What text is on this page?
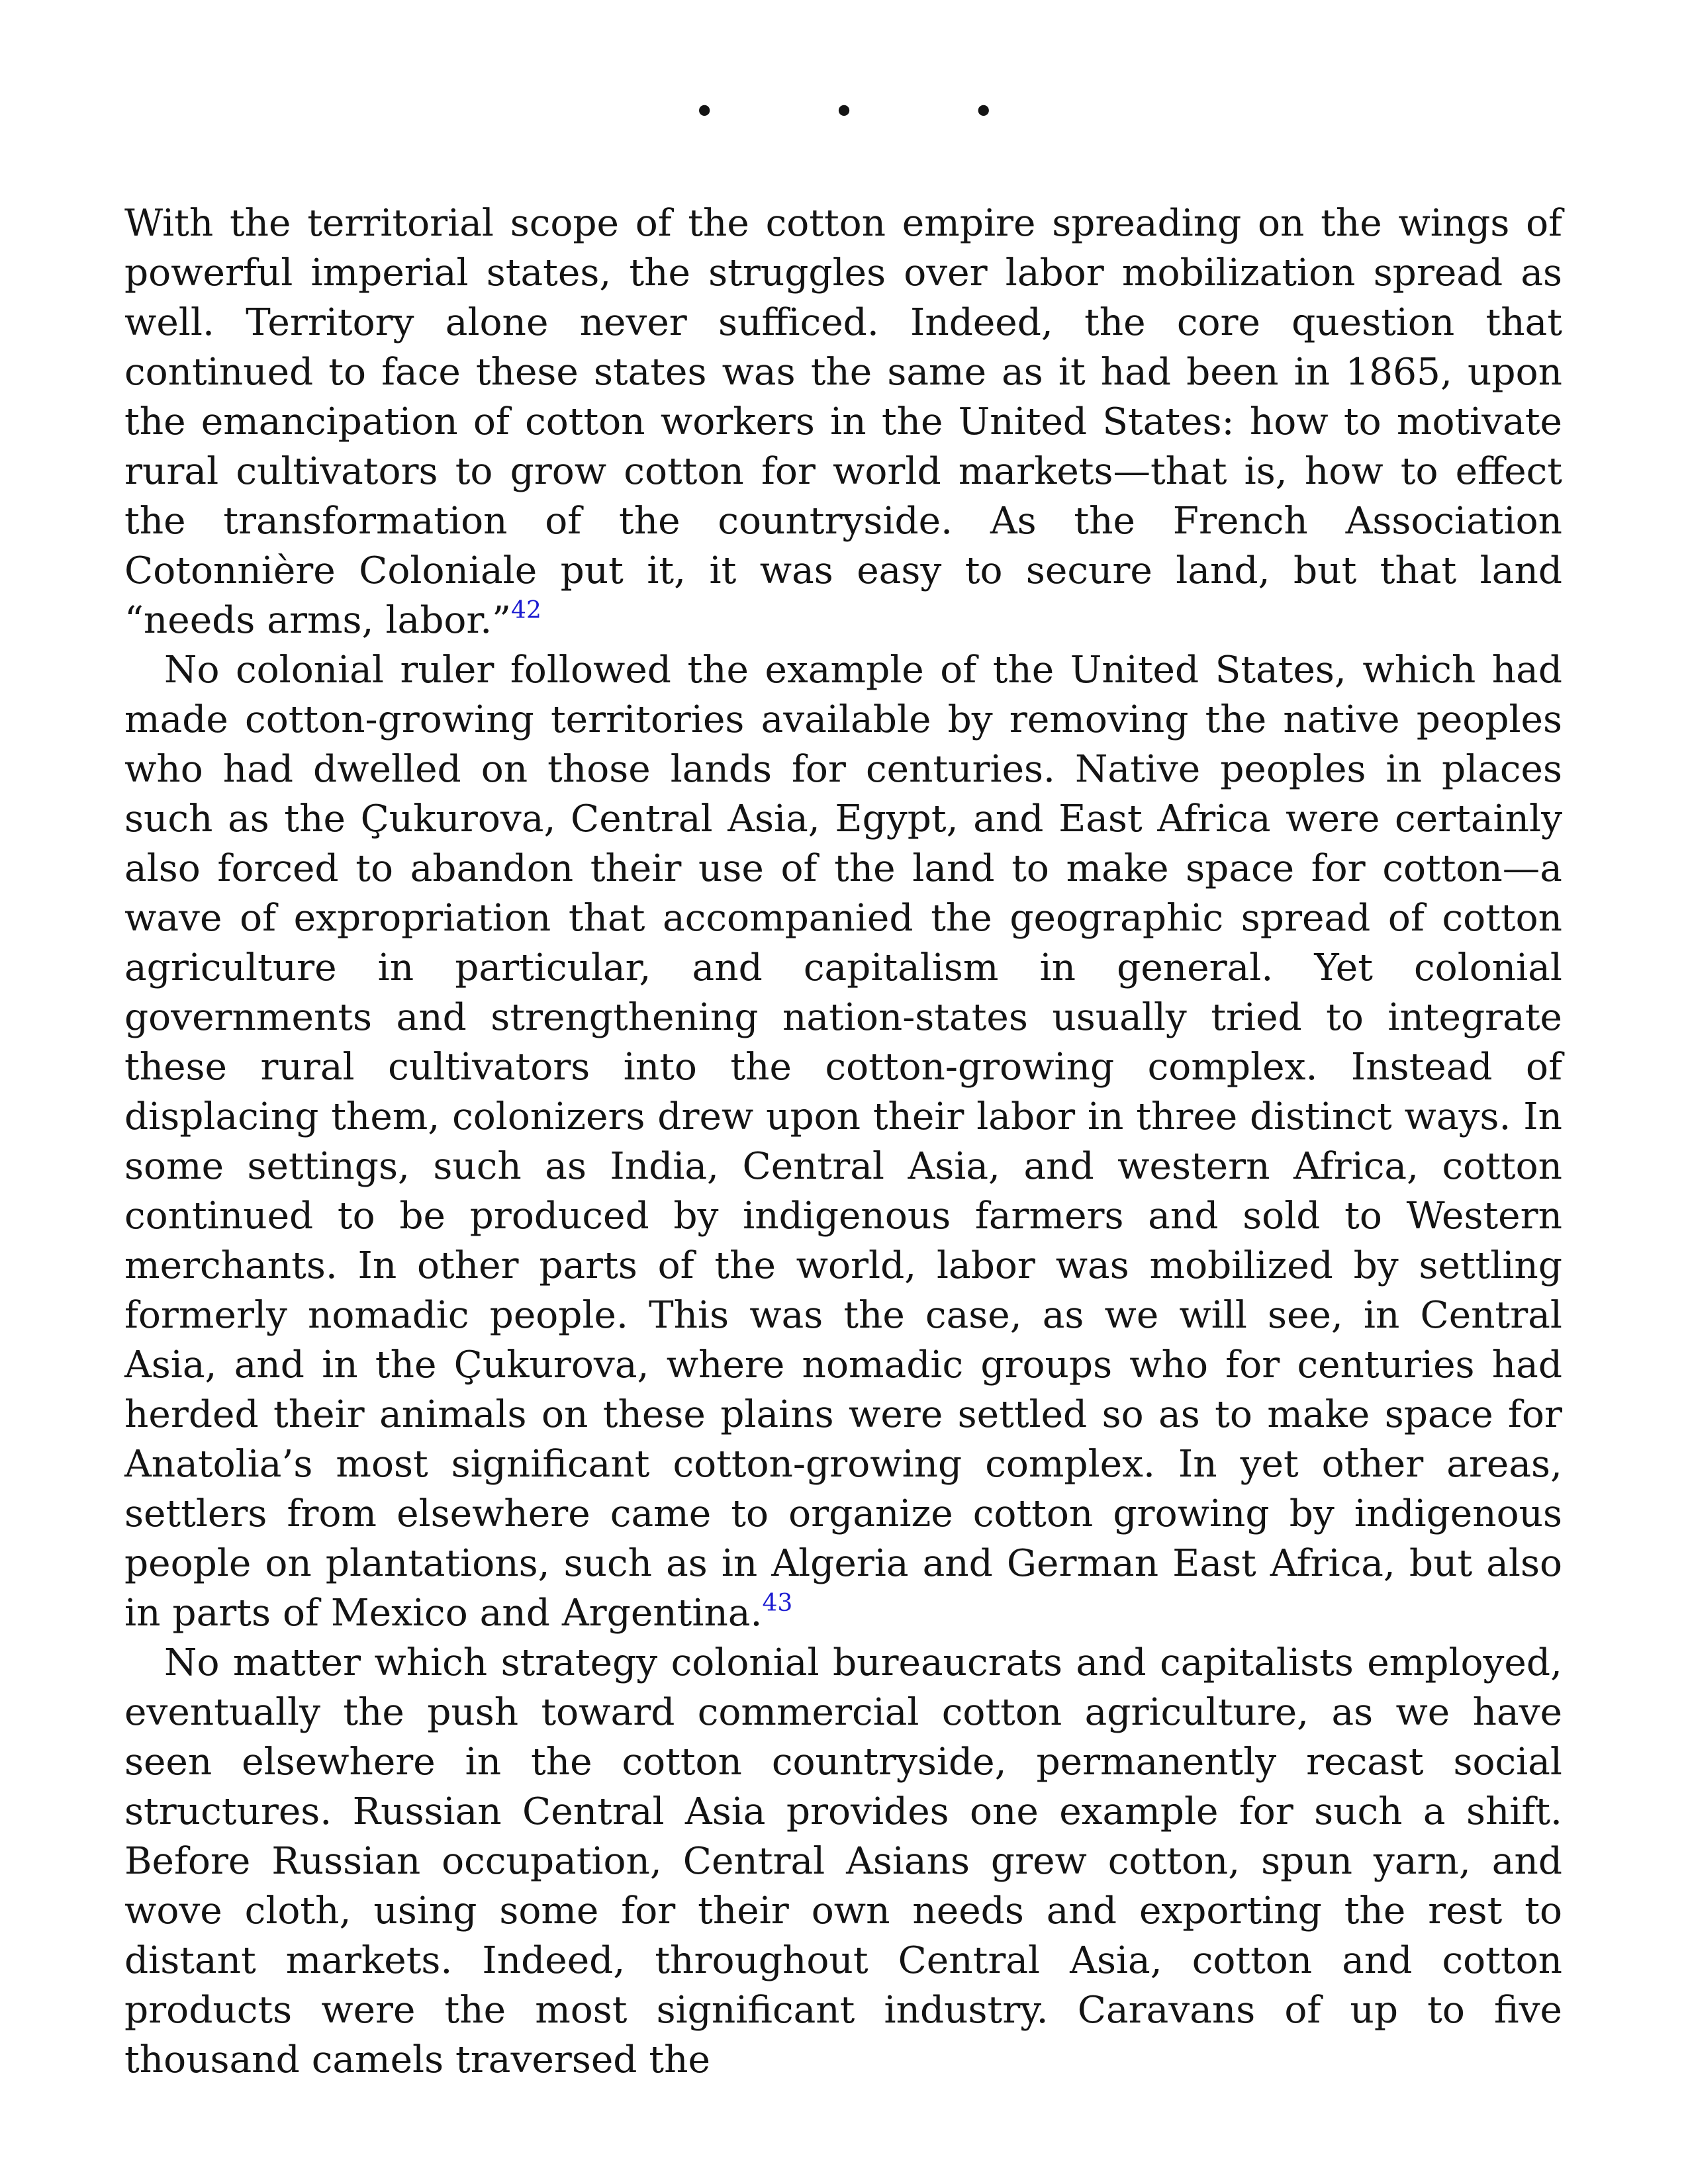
• • •

With the territorial scope of the cotton empire spreading on the wings of powerful imperial states, the struggles over labor mobilization spread as well. Territory alone never sufficed. Indeed, the core question that continued to face these states was the same as it had been in 1865, upon the emancipation of cotton workers in the United States: how to motivate rural cultivators to grow cotton for world markets—that is, how to effect the transformation of the countryside. As the French Association Cotonnière Coloniale put it, it was easy to secure land, but that land “needs arms, labor.”$^{42}$

No colonial ruler followed the example of the United States, which had made cotton-growing territories available by removing the native peoples who had dwelled on those lands for centuries. Native peoples in places such as the Çukurova, Central Asia, Egypt, and East Africa were certainly also forced to abandon their use of the land to make space for cotton—a wave of expropriation that accompanied the geographic spread of cotton agriculture in particular, and capitalism in general. Yet colonial governments and strengthening nation-states usually tried to integrate these rural cultivators into the cotton-growing complex. Instead of displacing them, colonizers drew upon their labor in three distinct ways. In some settings, such as India, Central Asia, and western Africa, cotton continued to be produced by indigenous farmers and sold to Western merchants. In other parts of the world, labor was mobilized by settling formerly nomadic people. This was the case, as we will see, in Central Asia, and in the Çukurova, where nomadic groups who for centuries had herded their animals on these plains were settled so as to make space for Anatolia’s most significant cotton-growing complex. In yet other areas, settlers from elsewhere came to organize cotton growing by indigenous people on plantations, such as in Algeria and German East Africa, but also in parts of Mexico and Argentina.$^{43}$

No matter which strategy colonial bureaucrats and capitalists employed, eventually the push toward commercial cotton agriculture, as we have seen elsewhere in the cotton countryside, permanently recast social structures. Russian Central Asia provides one example for such a shift. Before Russian occupation, Central Asians grew cotton, spun yarn, and wove cloth, using some for their own needs and exporting the rest to distant markets. Indeed, throughout Central Asia, cotton and cotton products were the most significant industry. Caravans of up to five thousand camels traversed the
